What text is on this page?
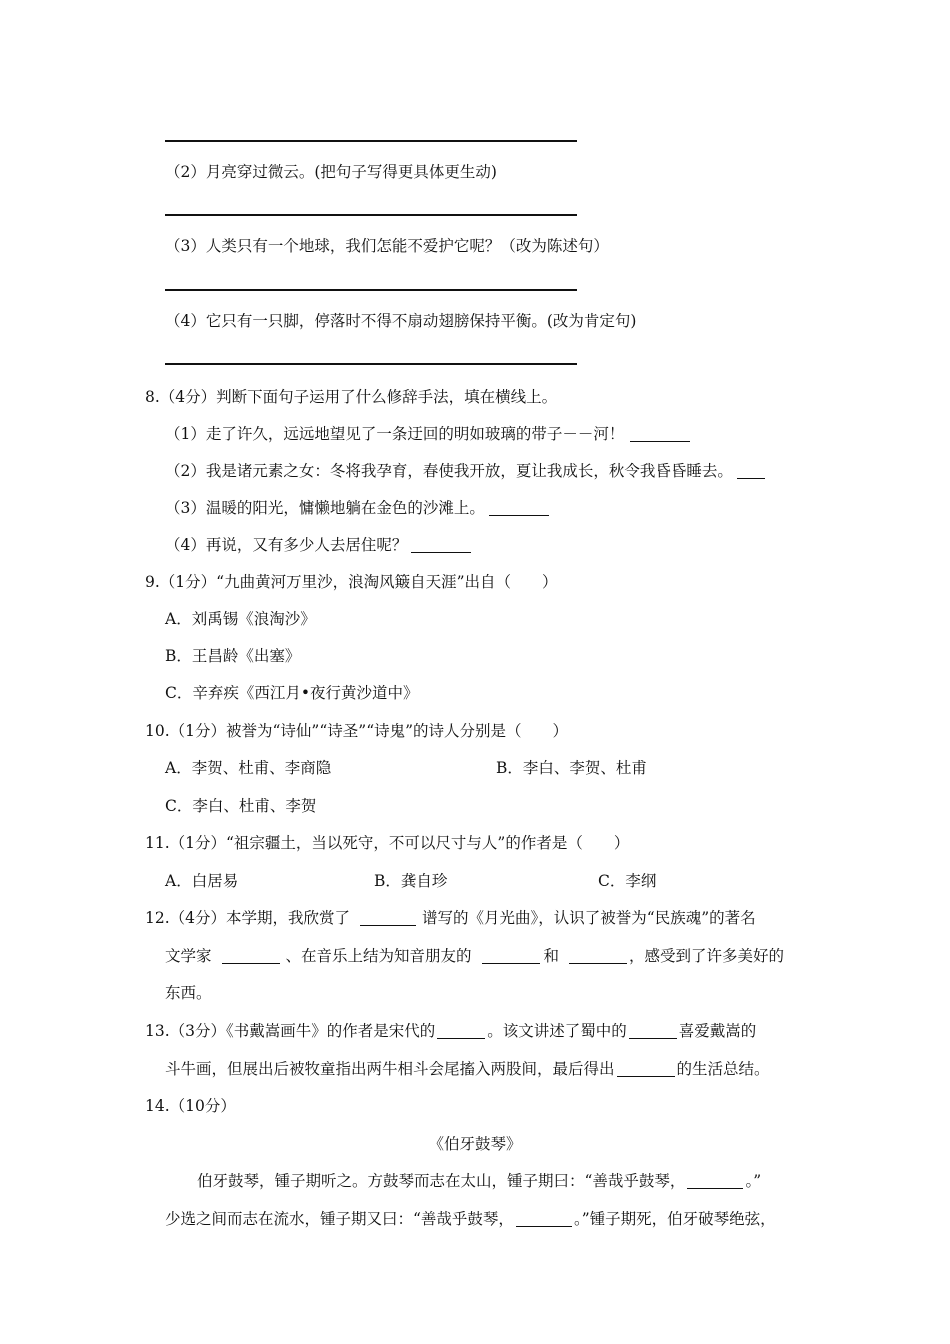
（2）月亮穿过微云。(把句子写得更具体更生动)
（3）人类只有一个地球，我们怎能不爱护它呢？（改为陈述句）
（4）它只有一只脚，停落时不得不扇动翅膀保持平衡。(改为肯定句)
8.（4分）判断下面句子运用了什么修辞手法，填在横线上。
（1）走了许久，远远地望见了一条迂回的明如玻璃的带子－－河！
（2）我是诸元素之女：冬将我孕育，春使我开放，夏让我成长，秋令我昏昏睡去。
（3）温暖的阳光，慵懒地躺在金色的沙滩上。
（4）再说，又有多少人去居住呢？
9.（1分）“九曲黄河万里沙，浪淘风簸自天涯”出自（　　）
A．刘禹锡《浪淘沙》
B．王昌龄《出塞》
C．辛弃疾《西江月•夜行黄沙道中》
10.（1分）被誉为“诗仙”“诗圣”“诗鬼”的诗人分别是（　　）
A．李贺、杜甫、李商隐	B．李白、李贺、杜甫
C．李白、杜甫、李贺
11.（1分）“祖宗疆土，当以死守，不可以尺寸与人”的作者是（　　）
A．白居易	B．龚自珍	C．李纲
12.（4分）本学期，我欣赏了	谱写的《月光曲》，认识了被誉为“民族魂”的著名
文学家	、在音乐上结为知音朋友的	和	，感受到了许多美好的
东西。
13.（3分）《书戴嵩画牛》的作者是宋代的	。该文讲述了蜀中的	喜爱戴嵩的
斗牛画，但展出后被牧童指出两牛相斗会尾搐入两股间，最后得出	的生活总结。
14.（10分）
《伯牙鼓琴》
伯牙鼓琴，锺子期听之。方鼓琴而志在太山，锺子期曰：“善哉乎鼓琴，	。”
少选之间而志在流水，锺子期又曰：“善哉乎鼓琴，	。”锺子期死，伯牙破琴绝弦，
